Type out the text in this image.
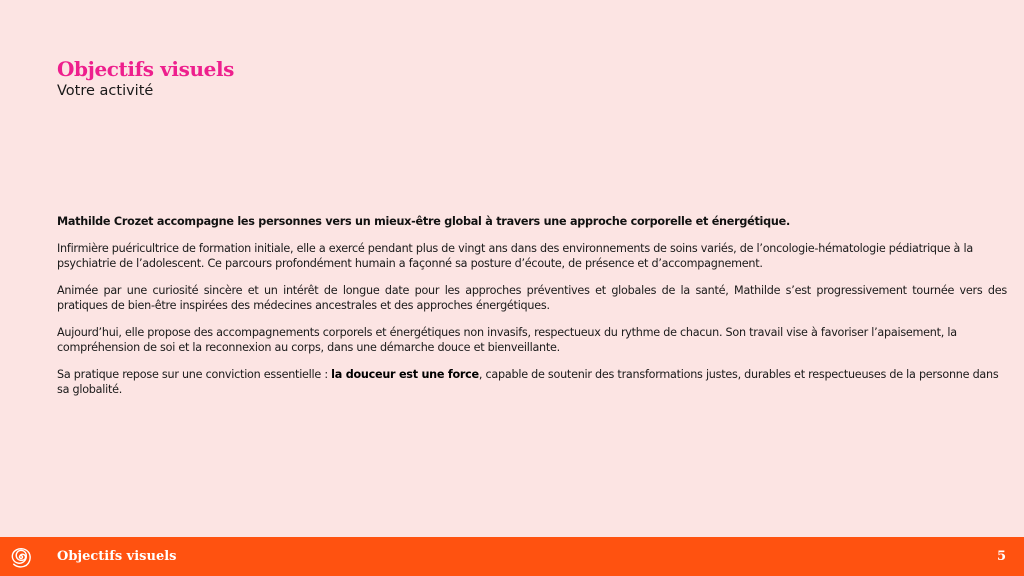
Objectifs visuels

Votre activité

Mathilde Crozet accompagne les personnes vers un mieux-être global à travers une approche corporelle et énergétique.

Infirmière puéricultrice de formation initiale, elle a exercé pendant plus de vingt ans dans des environnements de soins variés, de l’oncologie-hématologie pédiatrique à la psychiatrie de l’adolescent. Ce parcours profondément humain a façonné sa posture d’écoute, de présence et d’accompagnement.

Animée par une curiosité sincère et un intérêt de longue date pour les approches préventives et globales de la santé, Mathilde s’est progressivement tournée vers des pratiques de bien-être inspirées des médecines ancestrales et des approches énergétiques.

Aujourd’hui, elle propose des accompagnements corporels et énergétiques non invasifs, respectueux du rythme de chacun. Son travail vise à favoriser l’apaisement, la compréhension de soi et la reconnexion au corps, dans une démarche douce et bienveillante.

Sa pratique repose sur une conviction essentielle : la douceur est une force, capable de soutenir des transformations justes, durables et respectueuses de la personne dans sa globalité.

Objectifs visuels	5
